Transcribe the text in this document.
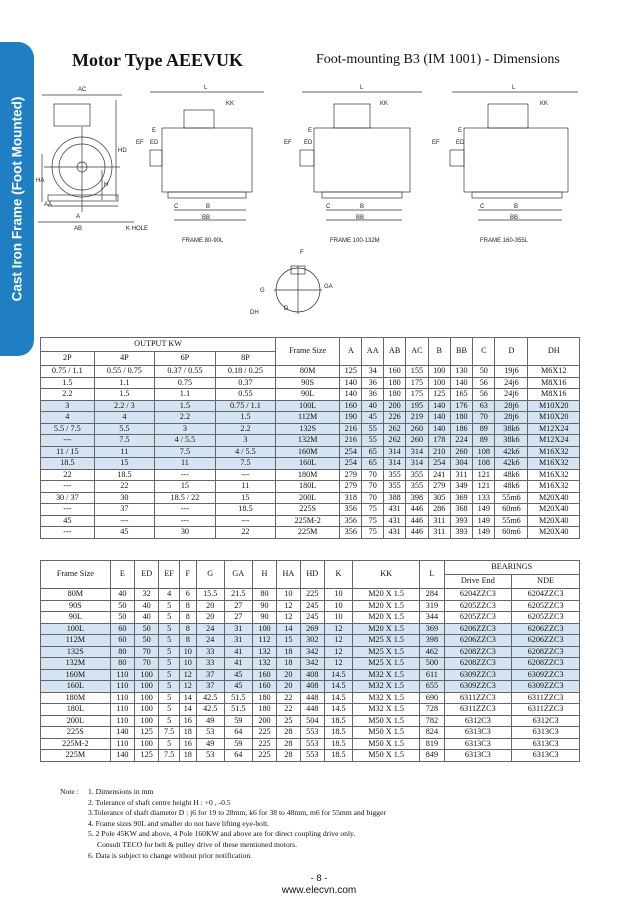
Cast Iron Frame (Foot Mounted)
Motor Type AEEVUK	Foot-mounting B3 (IM 1001) - Dimensions
AC
HA
HD
H
AA
A
AB	K HOLE
L
KK
E
EF ED
C	B
BB
FRAME 80-90L
L
KK
E
EF ED
C	B
BB
FRAME 100-132M
L
KK
E
EF	ED
C	B
BB
FRAME 160-355L
F
G
GA
D
DH
OUTPUT KW				Frame Size	A	AA	AB	AC	B	BB	C	D	DH
2P	4P	6P	8P										
0.75 / 1.1	0.55 / 0.75	0.37 / 0.55	0.18 / 0.25	80M	125	34	160	155	100	130	50	19j6	M6X12
1.5	1.1	0.75	0.37	90S	140	36	180	175	100	140	56	24j6	M8X16
2.2	1.5	1.1	0.55	90L	140	36	180	175	125	165	56	24j6	M8X16
3	2.2 / 3	1.5	0.75 / 1.1	100L	160	40	200	195	140	176	63	28j6	M10X20
4	4	2.2	1.5	112M	190	45	226	219	140	180	70	28j6	M10X20
5.5 / 7.5	5.5	3	2.2	132S	216	55	262	260	140	186	89	38k6	M12X24
---	7.5	4 / 5.5	3	132M	216	55	262	260	178	224	89	38k6	M12X24
11 / 15	11	7.5	4 / 5.5	160M	254	65	314	314	210	260	108	42k6	M16X32
18.5	15	11	7.5	160L	254	65	314	314	254	304	108	42k6	M16X32
22	18.5	---	---	180M	279	70	355	355	241	311	121	48k6	M16X32
---	22	15	11	180L	279	70	355	355	279	349	121	48k6	M16X32
30 / 37	30	18.5 / 22	15	200L	318	70	388	398	305	369	133	55m6	M20X40
---	37	---	18.5	225S	356	75	431	446	286	368	149	60m6	M20X40
45	---	---	---	225M-2	356	75	431	446	311	393	149	55m6	M20X40
---	45	30	22	225M	356	75	431	446	311	393	149	60m6	M20X40
Frame Size	E	ED	EF	F	G	GA	H	HA	HD	K	KK	L	BEARINGS	
													Drive End	NDE
80M	40	32	4	6	15.5	21.5	80	10	225	10	M20 X 1.5	284	6204ZZC3	6204ZZC3
90S	50	40	5	8	20	27	90	12	245	10	M20 X 1.5	319	6205ZZC3	6205ZZC3
90L	50	40	5	8	20	27	90	12	245	10	M20 X 1.5	344	6205ZZC3	6205ZZC3
100L	60	50	5	8	24	31	100	14	269	12	M20 X 1.5	369	6206ZZC3	6206ZZC3
112M	60	50	5	8	24	31	112	15	302	12	M25 X 1.5	398	6206ZZC3	6206ZZC3
132S	80	70	5	10	33	41	132	18	342	12	M25 X 1.5	462	6208ZZC3	6208ZZC3
132M	80	70	5	10	33	41	132	18	342	12	M25 X 1.5	500	6208ZZC3	6208ZZC3
160M	110	100	5	12	37	45	160	20	408	14.5	M32 X 1.5	611	6309ZZC3	6309ZZC3
160L	110	100	5	12	37	45	160	20	408	14.5	M32 X 1.5	655	6309ZZC3	6309ZZC3
180M	110	100	5	14	42.5	51.5	180	22	448	14.5	M32 X 1.5	690	6311ZZC3	6311ZZC3
180L	110	100	5	14	42.5	51.5	180	22	448	14.5	M32 X 1.5	728	6311ZZC3	6311ZZC3
200L	110	100	5	16	49	59	200	25	504	18.5	M50 X 1.5	782	6312C3	6312C3
225S	140	125	7.5	18	53	64	225	28	553	18.5	M50 X 1.5	824	6313C3	6313C3
225M-2	110	100	5	16	49	59	225	28	553	18.5	M50 X 1.5	819	6313C3	6313C3
225M	140	125	7.5	18	53	64	225	28	553	18.5	M50 X 1.5	849	6313C3	6313C3
Note :	1. Dimensions in mm
2. Tolerance of shaft centre height H : +0 , -0.5
3.Tolerance of shaft diameter D : j6 for 19 to 28mm, k6 for 38 to 48mm, m6 for 55mm and bigger
4. Frame sizes 90L and smaller do not have lifting eye-bolt.
5. 2 Pole 45KW and above, 4 Pole 160KW and above are for direct coupling drive only.
Consult TECO for belt & pulley drive of these mentioned motors.
6. Data is subject to change without prior notification.
- 8 -
www.elecvn.com
